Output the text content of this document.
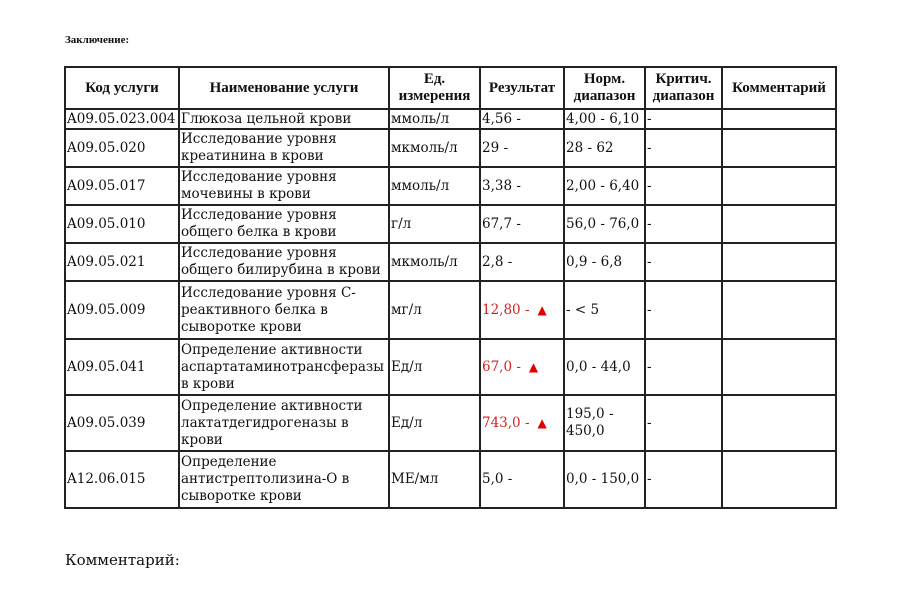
Заключение:
Код услуги	Наименование услуги	Ед. измерения	Результат	Норм. диапазон	Критич. диапазон	Комментарий
A09.05.023.004	Глюкоза цельной крови	ммоль/л	4,56 -	4,00 - 6,10	-	
A09.05.020	Исследование уровня креатинина в крови	мкмоль/л	29 -	28 - 62	-	
A09.05.017	Исследование уровня мочевины в крови	ммоль/л	3,38 -	2,00 - 6,40	-	
A09.05.010	Исследование уровня общего белка в крови	г/л	67,7 -	56,0 - 76,0	-	
A09.05.021	Исследование уровня общего билирубина в крови	мкмоль/л	2,8 -	0,9 - 6,8	-	
A09.05.009	Исследование уровня С-реактивного белка в сыворотке крови	мг/л	12,80 - ▲	- < 5	-	
A09.05.041	Определение активности аспартатаминотрансферазы в крови	Ед/л	67,0 - ▲	0,0 - 44,0	-	
A09.05.039	Определение активности лактатдегидрогеназы в крови	Ед/л	743,0 - ▲	195,0 - 450,0	-	
A12.06.015	Определение антистрептолизина-О в сыворотке крови	МЕ/мл	5,0 -	0,0 - 150,0	-	
Комментарий:
